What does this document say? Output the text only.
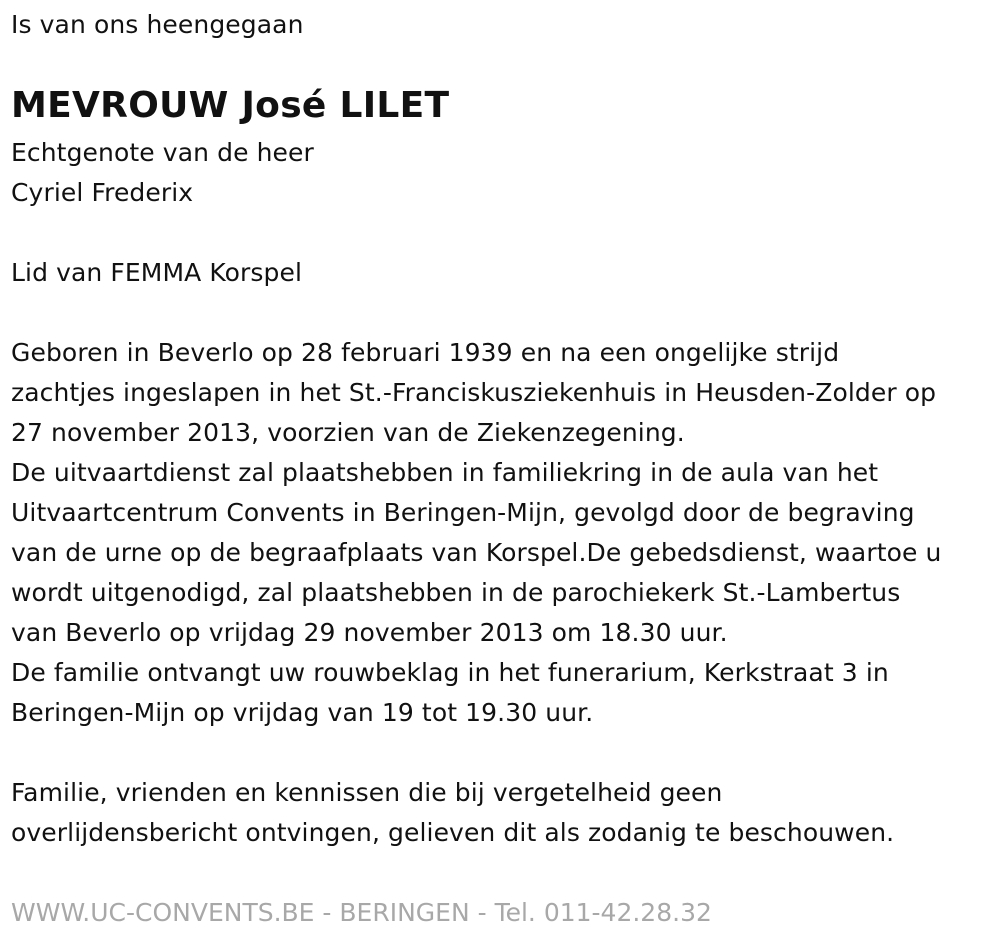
Is van ons heengegaan
MEVROUW José LILET
Echtgenote van de heer
Cyriel Frederix
Lid van FEMMA Korspel
Geboren in Beverlo op 28 februari 1939 en na een ongelijke strijd
zachtjes ingeslapen in het St.-Franciskusziekenhuis in Heusden-Zolder op
27 november 2013, voorzien van de Ziekenzegening.
De uitvaartdienst zal plaatshebben in familiekring in de aula van het
Uitvaartcentrum Convents in Beringen-Mijn, gevolgd door de begraving
van de urne op de begraafplaats van Korspel.De gebedsdienst, waartoe u
wordt uitgenodigd, zal plaatshebben in de parochiekerk St.-Lambertus
van Beverlo op vrijdag 29 november 2013 om 18.30 uur.
De familie ontvangt uw rouwbeklag in het funerarium, Kerkstraat 3 in
Beringen-Mijn op vrijdag van 19 tot 19.30 uur.
Familie, vrienden en kennissen die bij vergetelheid geen
overlijdensbericht ontvingen, gelieven dit als zodanig te beschouwen.
WWW.UC-CONVENTS.BE - BERINGEN - Tel. 011-42.28.32
